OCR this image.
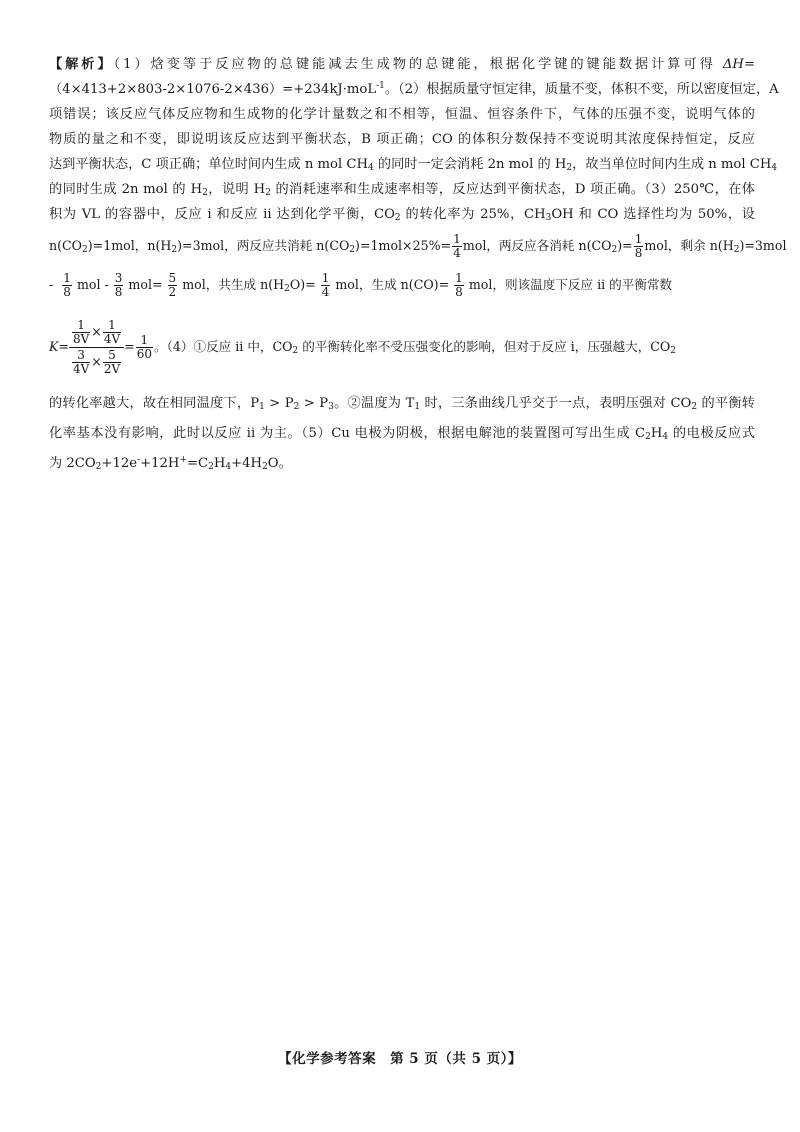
【解析】（1）焓变等于反应物的总键能减去生成物的总键能，根据化学键的键能数据计算可得 ΔH=
（4×413+2×803-2×1076-2×436）=+234kJ·moL$^{-1}$。（2）根据质量守恒定律，质量不变，体积不变，所以密度恒定，A
项错误；该反应气体反应物和生成物的化学计量数之和不相等，恒温、恒容条件下，气体的压强不变，说明气体的
物质的量之和不变，即说明该反应达到平衡状态，B 项正确；CO 的体积分数保持不变说明其浓度保持恒定，反应
达到平衡状态，C 项正确；单位时间内生成 n mol $CH_4$ 的同时一定会消耗 2n mol 的 $H_2$，故当单位时间内生成 n mol $CH_4$
的同时生成 2n mol 的 $H_2$，说明 $H_2$ 的消耗速率和生成速率相等，反应达到平衡状态，D 项正确。（3）250℃，在体
积为 VL 的容器中，反应 i 和反应 ii 达到化学平衡，$CO_2$ 的转化率为 25%，$CH_3OH$ 和 CO 选择性均为 50%，设
$n(CO_2)=1mol$，$n(H_2)=3mol$，两反应共消耗 $n(CO_2)=1mol\times 25\%= \frac{1}{4}$ mol，两反应各消耗 $n(CO_2)= \frac{1}{8}$ mol，剩余 $n(H_2)=3mol$
- $\frac{1}{8}$ mol - $\frac{3}{8} mol= \frac{5}{2}$ mol，共生成 $n(H_2O)= \frac{1}{4}$ mol，生成 $n(CO)= \frac{1}{8}$ mol，则该温度下反应 ii 的平衡常数
$K= \frac{\frac{1}{8V} \times \frac{1}{4V}}{\frac{3}{4V} \times \frac{5}{2V}} = \frac{1}{60}$ 。（4）①反应 ii 中，$CO_2$ 的平衡转化率不受压强变化的影响，但对于反应 i，压强越大，$CO_2$
的转化率越大，故在相同温度下，$P_1 > P_2 > P_3$。②温度为 $T_1$ 时，三条曲线几乎交于一点，表明压强对 $CO_2$ 的平衡转
化率基本没有影响，此时以反应 ii 为主。（5）Cu 电极为阴极，根据电解池的装置图可写出生成 $C_2H_4$ 的电极反应式
为 $2CO_2+12e^-+12H^+=C_2H_4+4H_2O$。
【化学参考答案　第 5 页（共 5 页）】
